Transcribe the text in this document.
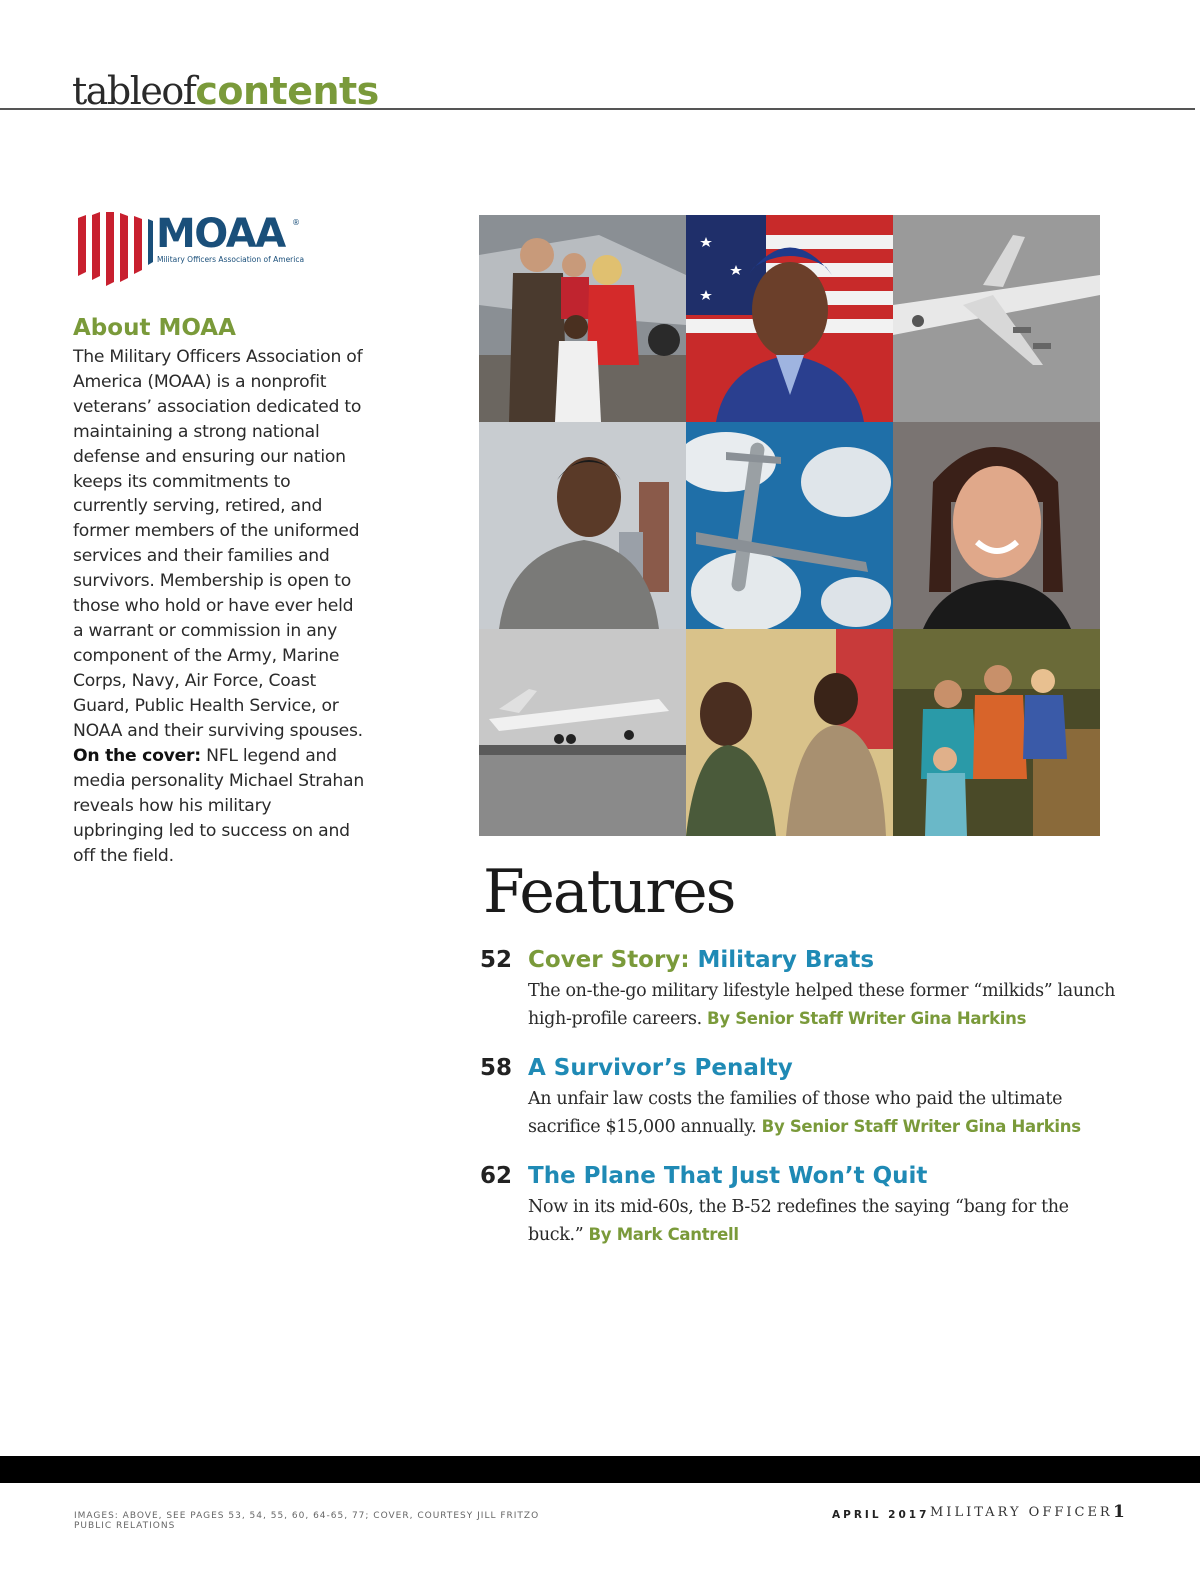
tableofcontents
MOAA ®
Military Officers Association of America
About MOAA

The Military Officers Association of America (MOAA) is a nonprofit veterans’ association dedicated to maintaining a strong national defense and ensuring our nation keeps its commitments to currently serving, retired, and former members of the uniformed services and their families and survivors. Membership is open to those who hold or have ever held a warrant or commission in any component of the Army, Marine Corps, Navy, Air Force, Coast Guard, Public Health Service, or NOAA and their surviving spouses.

On the cover: NFL legend and media personality Michael Strahan reveals how his military upbringing led to success on and off the field.

Features
52 Cover Story: Military Brats

The on-the-go military lifestyle helped these former “milkids” launch high-profile careers. By Senior Staff Writer Gina Harkins

58 A Survivor’s Penalty

An unfair law costs the families of those who paid the ultimate sacrifice $15,000 annually. By Senior Staff Writer Gina Harkins

62 The Plane That Just Won’t Quit

Now in its mid-60s, the B-52 redefines the saying “bang for the buck.” By Mark Cantrell

IMAGES: ABOVE, SEE PAGES 53, 54, 55, 60, 64-65, 77; COVER, COURTESY JILL FRITZO PUBLIC RELATIONS
APRIL 2017 MILITARY OFFICER 1
